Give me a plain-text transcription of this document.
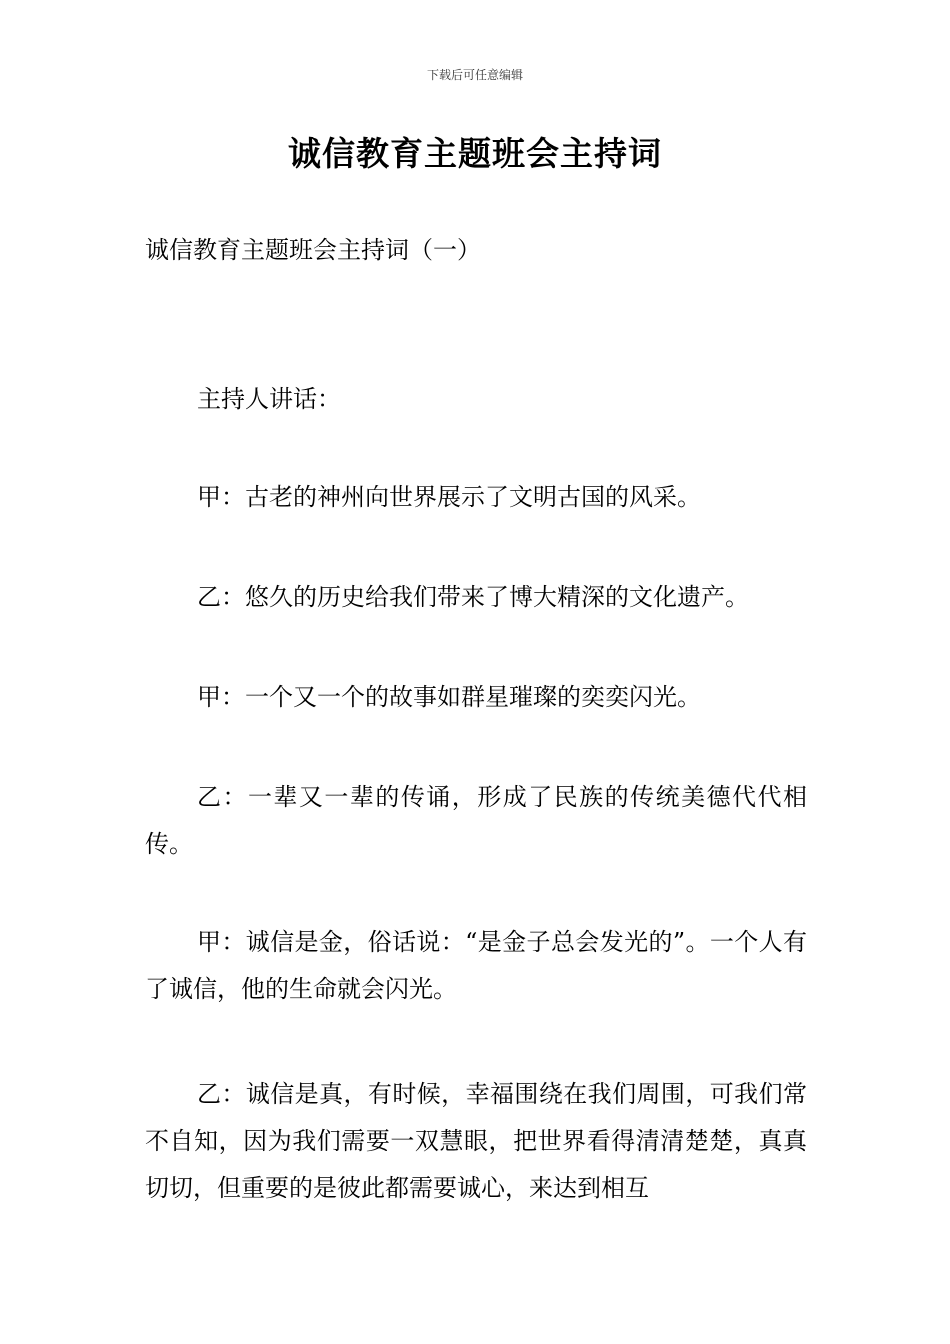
下载后可任意编辑
诚信教育主题班会主持词
诚信教育主题班会主持词（一）

主持人讲话：

甲：古老的神州向世界展示了文明古国的风采。

乙：悠久的历史给我们带来了博大精深的文化遗产。

甲：一个又一个的故事如群星璀璨的奕奕闪光。

乙：一辈又一辈的传诵，形成了民族的传统美德代代相传。

甲：诚信是金，俗话说：“是金子总会发光的”。一个人有了诚信，他的生命就会闪光。

乙：诚信是真，有时候，幸福围绕在我们周围，可我们常不自知，因为我们需要一双慧眼，把世界看得清清楚楚，真真切切，但重要的是彼此都需要诚心，来达到相互
